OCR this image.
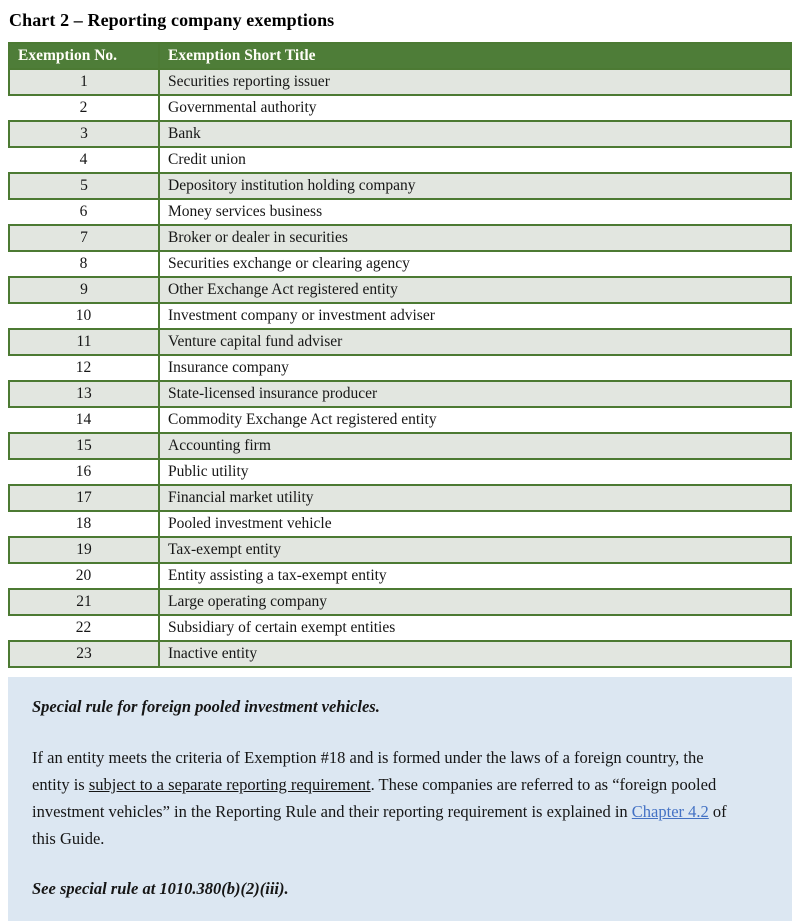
Chart 2 – Reporting company exemptions
Exemption No.	Exemption Short Title
1	Securities reporting issuer
2	Governmental authority
3	Bank
4	Credit union
5	Depository institution holding company
6	Money services business
7	Broker or dealer in securities
8	Securities exchange or clearing agency
9	Other Exchange Act registered entity
10	Investment company or investment adviser
11	Venture capital fund adviser
12	Insurance company
13	State-licensed insurance producer
14	Commodity Exchange Act registered entity
15	Accounting firm
16	Public utility
17	Financial market utility
18	Pooled investment vehicle
19	Tax-exempt entity
20	Entity assisting a tax-exempt entity
21	Large operating company
22	Subsidiary of certain exempt entities
23	Inactive entity

Special rule for foreign pooled investment vehicles.

If an entity meets the criteria of Exemption #18 and is formed under the laws of a foreign country, the entity is subject to a separate reporting requirement. These companies are referred to as “foreign pooled investment vehicles” in the Reporting Rule and their reporting requirement is explained in Chapter 4.2 of this Guide.

See special rule at 1010.380(b)(2)(iii).
